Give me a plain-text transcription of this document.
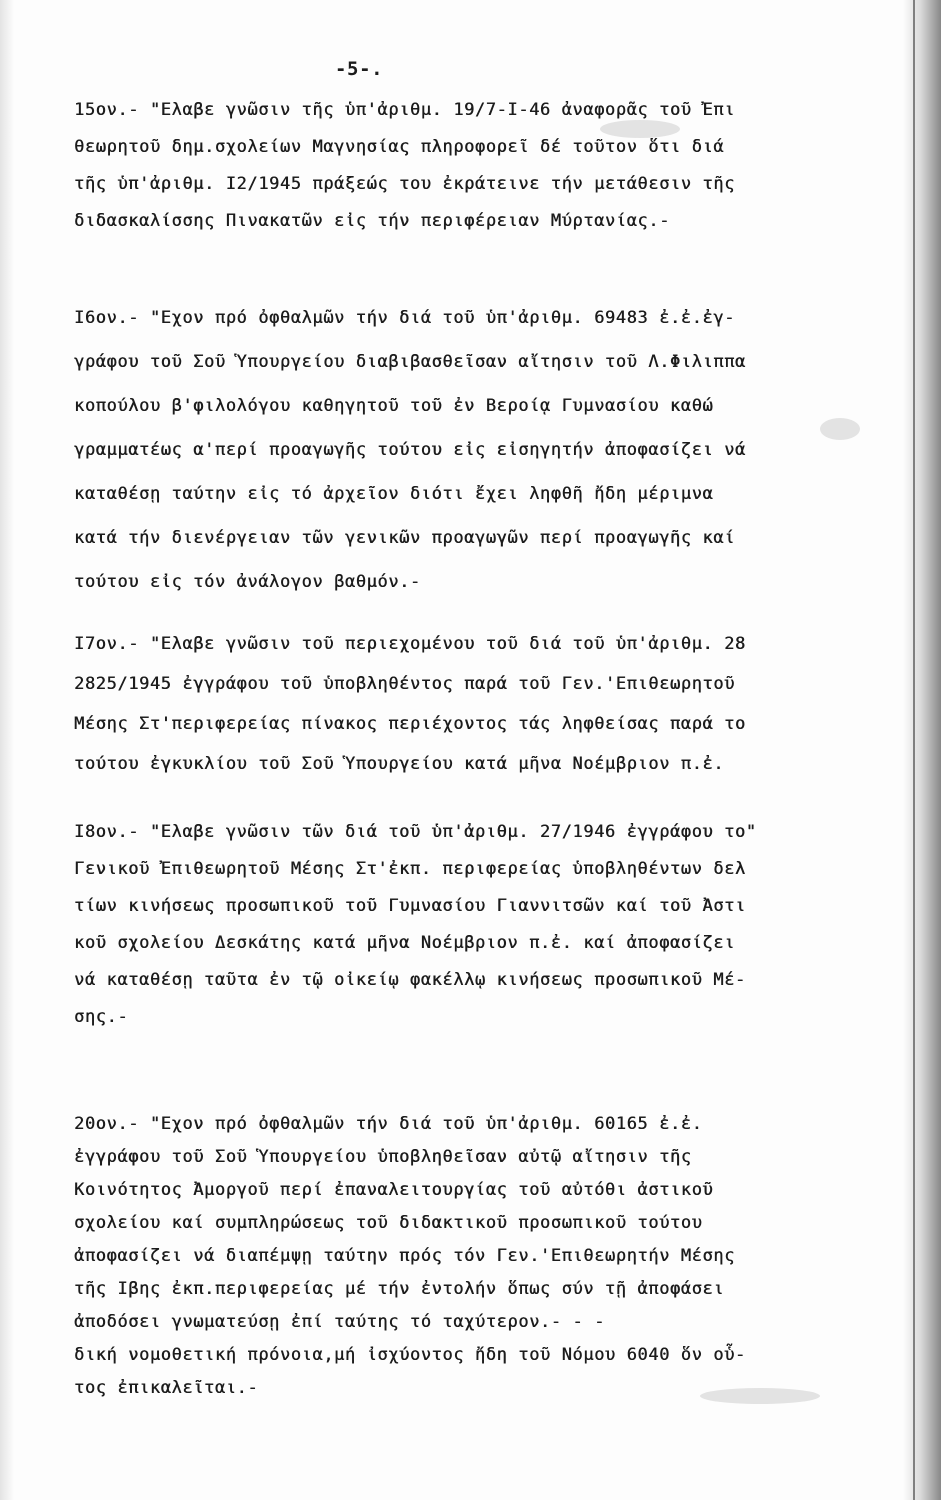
-5-.
15ον.- "Ελαβε γνῶσιν τῆς ὑπ'ἀριθμ. 19/7-I-46 ἀναφορᾶς τοῦ Ἐπι
θεωρητοῦ δημ.σχολείων Μαγνησίας πληροφορεῖ δέ τοῦτον ὅτι διά
τῆς ὑπ'ἀριθμ. I2/1945 πράξεώς του ἐκράτεινε τήν μετάθεσιν τῆς
διδασκαλίσσης Πινακατῶν εἰς τήν περιφέρειαν Μύρτανίας.-
I6ον.- "Εχον πρό ὀφθαλμῶν τήν διά τοῦ ὑπ'ἀριθμ. 69483 ἐ.ἐ.ἐγ-
γράφου τοῦ Σοῦ Ὑπουργείου διαβιβασθεῖσαν αἴτησιν τοῦ Λ.Φιλιππα
κοπούλου β'φιλολόγου καθηγητοῦ τοῦ ἐν Βεροίᾳ Γυμνασίου καθώ
γραμματέως α'περί προαγωγῆς τούτου εἰς εἰσηγητήν ἀποφασίζει νά
καταθέσῃ ταύτην εἰς τό ἀρχεῖον διότι ἔχει ληφθῆ ἤδη μέριμνα
κατά τήν διενέργειαν τῶν γενικῶν προαγωγῶν περί προαγωγῆς καί
τούτου εἰς τόν ἀνάλογον βαθμόν.-
I7ον.- "Ελαβε γνῶσιν τοῦ περιεχομένου τοῦ διά τοῦ ὑπ'ἀριθμ. 28
2825/1945 ἐγγράφου τοῦ ὑποβληθέντος παρά τοῦ Γεν.'Επιθεωρητοῦ
Μέσης Στ'περιφερείας πίνακος περιέχοντος τάς ληφθείσας παρά το
τούτου ἐγκυκλίου τοῦ Σοῦ Ὑπουργείου κατά μῆνα Νοέμβριον π.ἐ.
I8ον.- "Ελαβε γνῶσιν τῶν διά τοῦ ὑπ'ἀριθμ. 27/1946 ἐγγράφου το"
Γενικοῦ Ἐπιθεωρητοῦ Μέσης Στ'ἐκπ. περιφερείας ὑποβληθέντων δελ
τίων κινήσεως προσωπικοῦ τοῦ Γυμνασίου Γιαννιτσῶν καί τοῦ Ἀστι
κοῦ σχολείου Δεσκάτης κατά μῆνα Νοέμβριον π.ἐ. καί ἀποφασίζει
νά καταθέσῃ ταῦτα ἐν τῷ οἰκείῳ φακέλλῳ κινήσεως προσωπικοῦ Μέ-
σης.-
20ον.- "Εχον πρό ὀφθαλμῶν τήν διά τοῦ ὑπ'ἀριθμ. 60165 ἐ.ἐ.
ἐγγράφου τοῦ Σοῦ Ὑπουργείου ὑποβληθεῖσαν αὐτῷ αἴτησιν τῆς
Κοινότητος Ἀμοργοῦ περί ἐπαναλειτουργίας τοῦ αὐτόθι ἀστικοῦ
σχολείου καί συμπληρώσεως τοῦ διδακτικοῦ προσωπικοῦ τούτου
ἀποφασίζει νά διαπέμψῃ ταύτην πρός τόν Γεν.'Επιθεωρητήν Μέσης
τῆς Ιβης ἐκπ.περιφερείας μέ τήν ἐντολήν ὅπως σύν τῇ ἀποφάσει
ἀποδόσει γνωματεύσῃ ἐπί ταύτης τό ταχύτερον.- - -
δική νομοθετική πρόνοια,μή ἰσχύοντος ἤδη τοῦ Νόμου 6040 ὅν οὗ-
τος ἐπικαλεῖται.-
